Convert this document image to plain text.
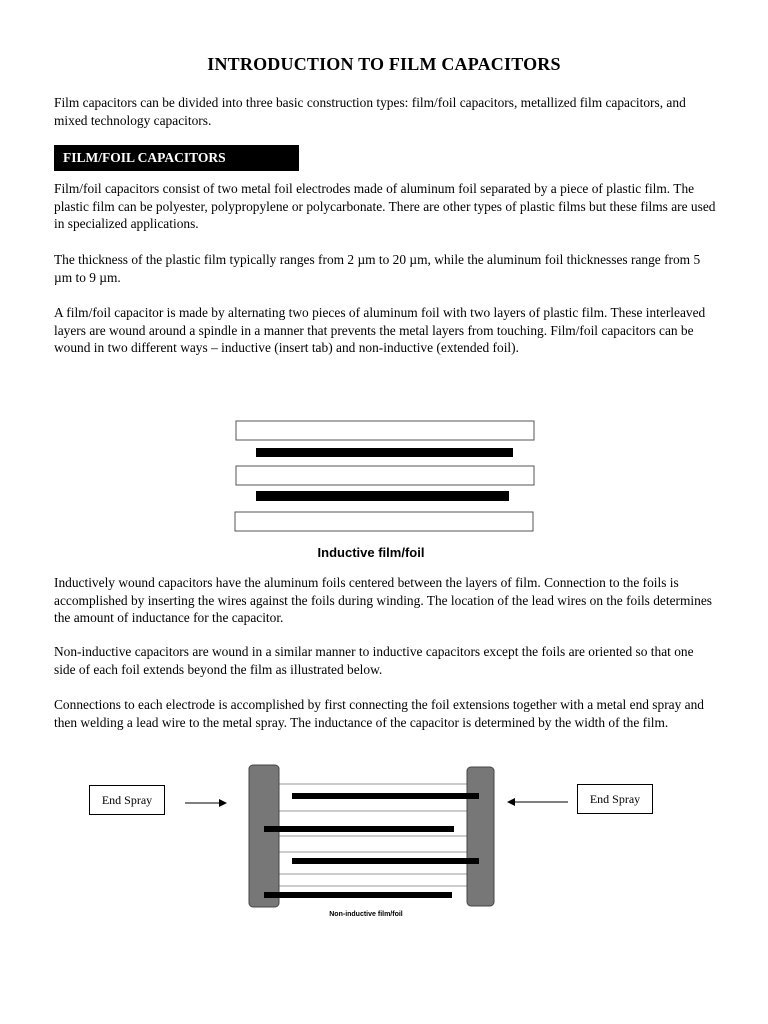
INTRODUCTION TO FILM CAPACITORS

Film capacitors can be divided into three basic construction types: film/foil capacitors, metallized film capacitors, and mixed technology capacitors.

FILM/FOIL CAPACITORS

Film/foil capacitors consist of two metal foil electrodes made of aluminum foil separated by a piece of plastic film. The plastic film can be polyester, polypropylene or polycarbonate. There are other types of plastic films but these films are used in specialized applications.

The thickness of the plastic film typically ranges from 2 µm to 20 µm, while the aluminum foil thicknesses range from 5 µm to 9 µm.

A film/foil capacitor is made by alternating two pieces of aluminum foil with two layers of plastic film. These interleaved layers are wound around a spindle in a manner that prevents the metal layers from touching. Film/foil capacitors can be wound in two different ways – inductive (insert tab) and non-inductive (extended foil).

Inductive film/foil

Inductively wound capacitors have the aluminum foils centered between the layers of film. Connection to the foils is accomplished by inserting the wires against the foils during winding. The location of the lead wires on the foils determines the amount of inductance for the capacitor.

Non-inductive capacitors are wound in a similar manner to inductive capacitors except the foils are oriented so that one side of each foil extends beyond the film as illustrated below.

Connections to each electrode is accomplished by first connecting the foil extensions together with a metal end spray and then welding a lead wire to the metal spray. The inductance of the capacitor is determined by the width of the film.

End Spray	End Spray
Non-inductive film/foil
